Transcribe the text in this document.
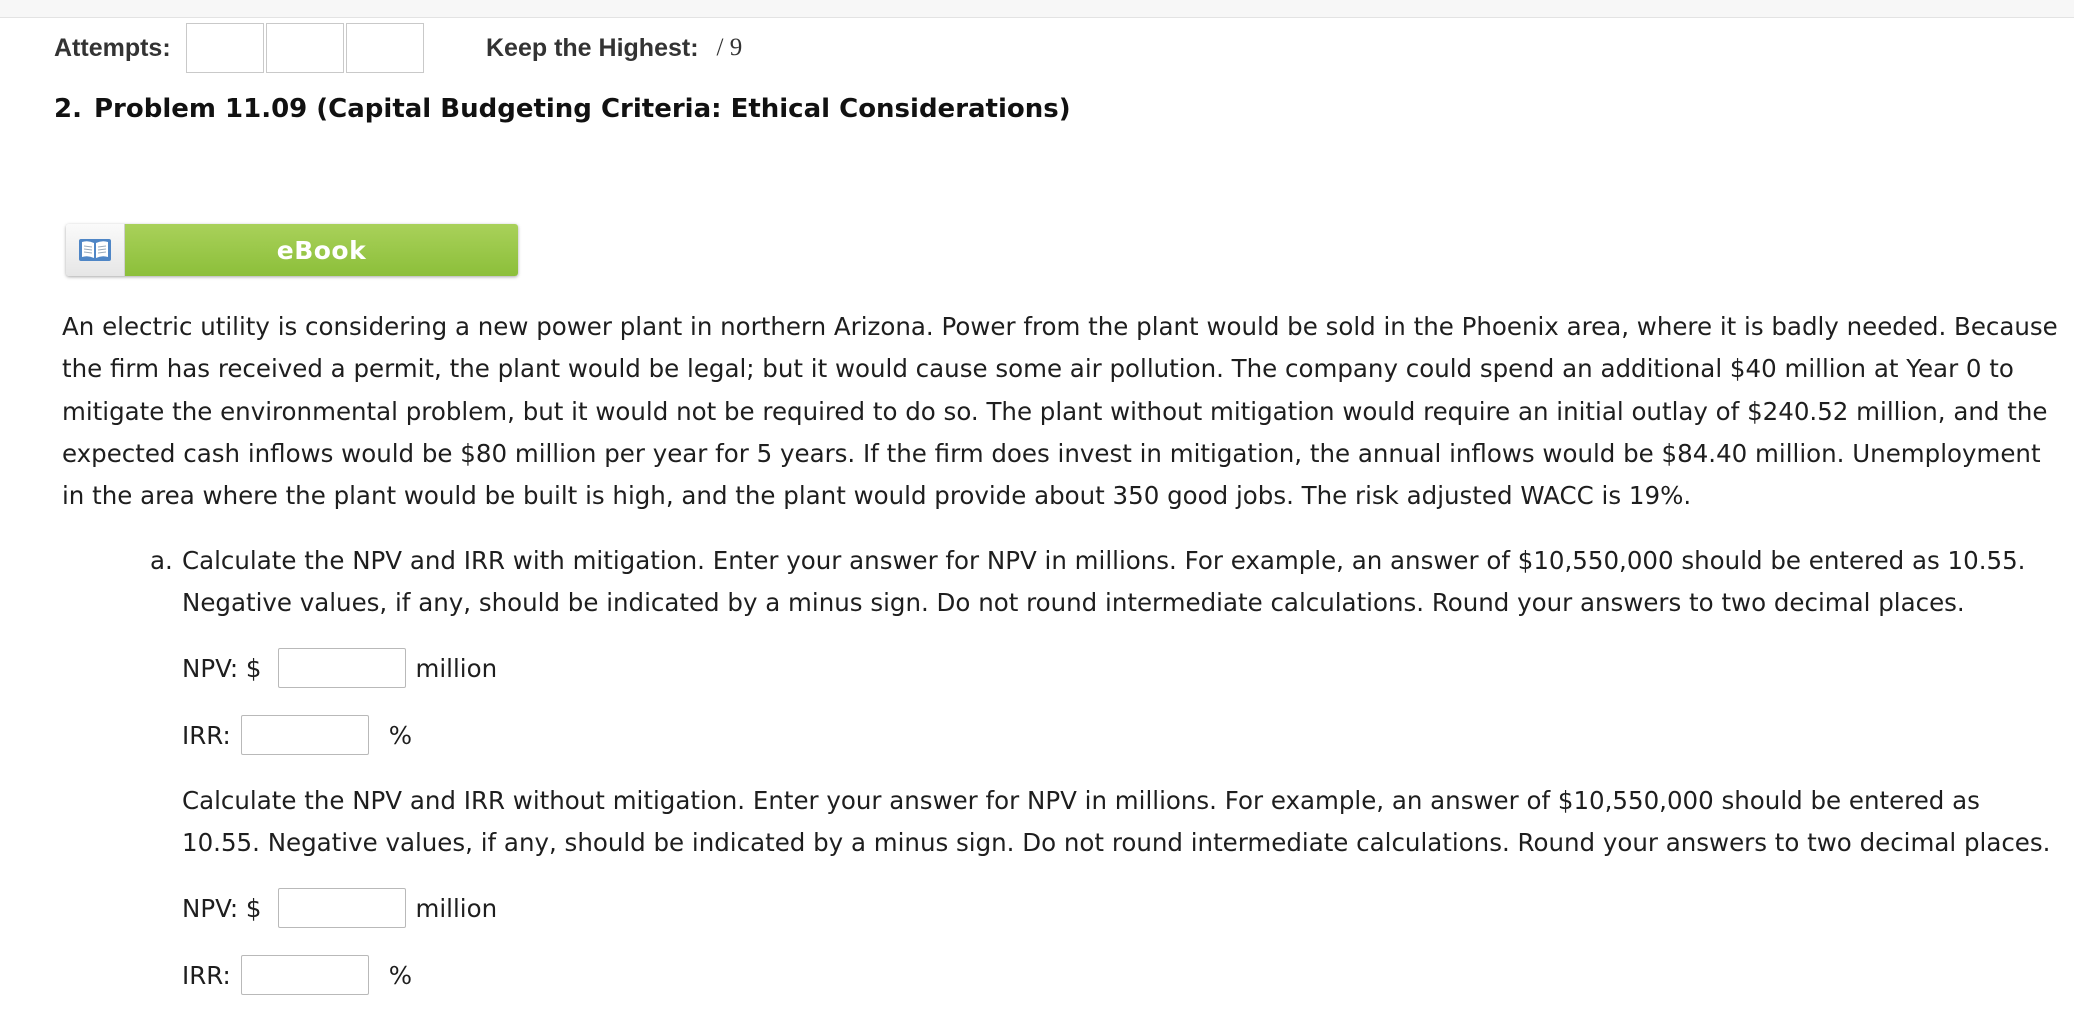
Attempts:	Keep the Highest: / 9
2. Problem 11.09 (Capital Budgeting Criteria: Ethical Considerations)
eBook
An electric utility is considering a new power plant in northern Arizona. Power from the plant would be sold in the Phoenix area, where it is badly needed. Because the firm has received a permit, the plant would be legal; but it would cause some air pollution. The company could spend an additional $40 million at Year 0 to mitigate the environmental problem, but it would not be required to do so. The plant without mitigation would require an initial outlay of $240.52 million, and the expected cash inflows would be $80 million per year for 5 years. If the firm does invest in mitigation, the annual inflows would be $84.40 million. Unemployment in the area where the plant would be built is high, and the plant would provide about 350 good jobs. The risk adjusted WACC is 19%.
a. Calculate the NPV and IRR with mitigation. Enter your answer for NPV in millions. For example, an answer of $10,550,000 should be entered as 10.55. Negative values, if any, should be indicated by a minus sign. Do not round intermediate calculations. Round your answers to two decimal places.
NPV: $	million
IRR:	%
Calculate the NPV and IRR without mitigation. Enter your answer for NPV in millions. For example, an answer of $10,550,000 should be entered as 10.55. Negative values, if any, should be indicated by a minus sign. Do not round intermediate calculations. Round your answers to two decimal places.
NPV: $	million
IRR:	%
